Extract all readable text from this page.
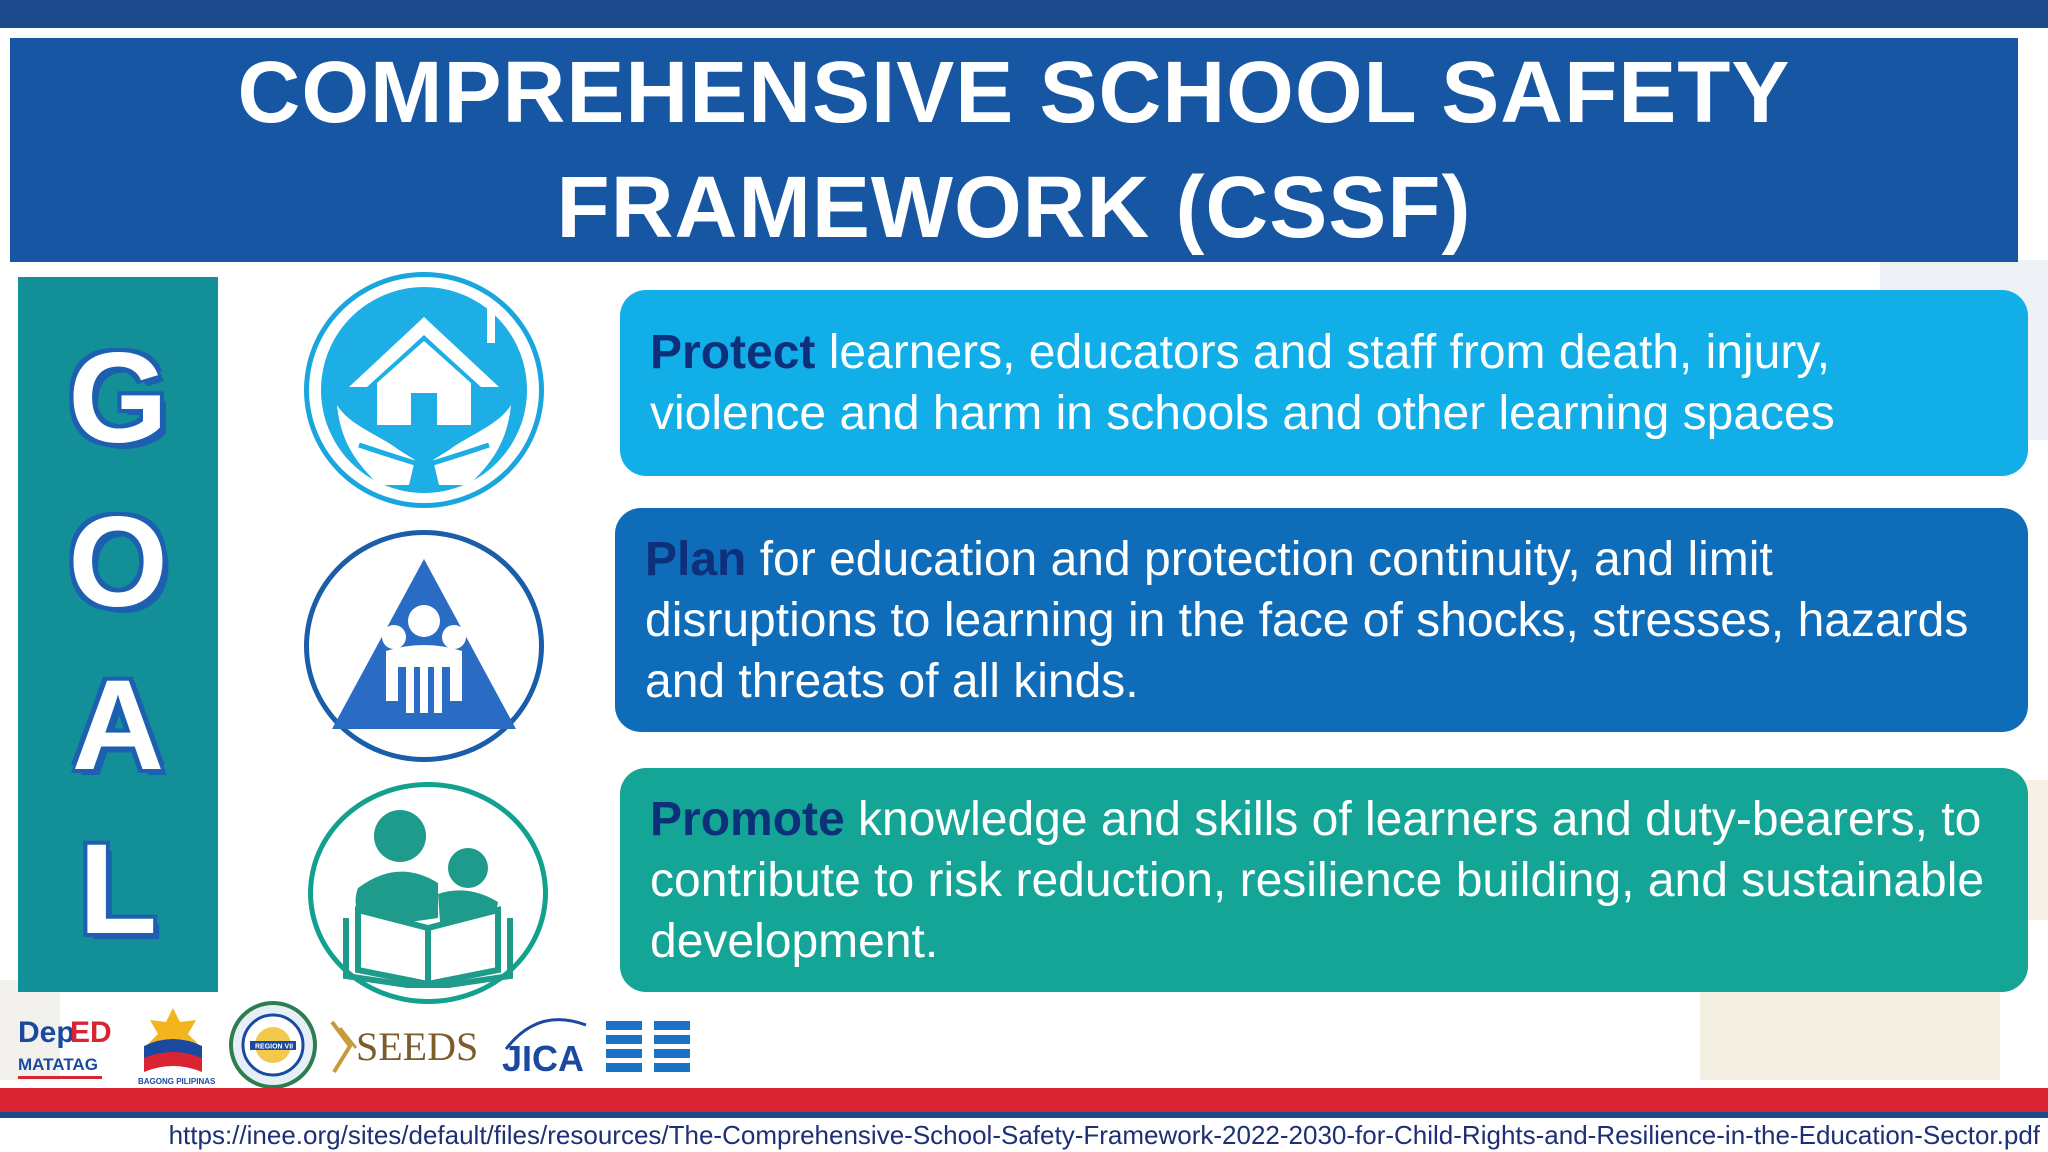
COMPREHENSIVE SCHOOL SAFETY
FRAMEWORK (CSSF)
G
O
A
L
Protect learners, educators and staff from death, injury, violence and harm in schools and other learning spaces
Plan for education and protection continuity, and limit disruptions to learning in the face of shocks, stresses, hazards and threats of all kinds.
Promote knowledge and skills of learners and duty-bearers, to contribute to risk reduction, resilience building, and sustainable development.
Dep
ED
MATATAG
BAGONG PILIPINAS
REGION VII SEEDS JICA
https://inee.org/sites/default/files/resources/The-Comprehensive-School-Safety-Framework-2022-2030-for-Child-Rights-and-Resilience-in-the-Education-Sector.pdf
